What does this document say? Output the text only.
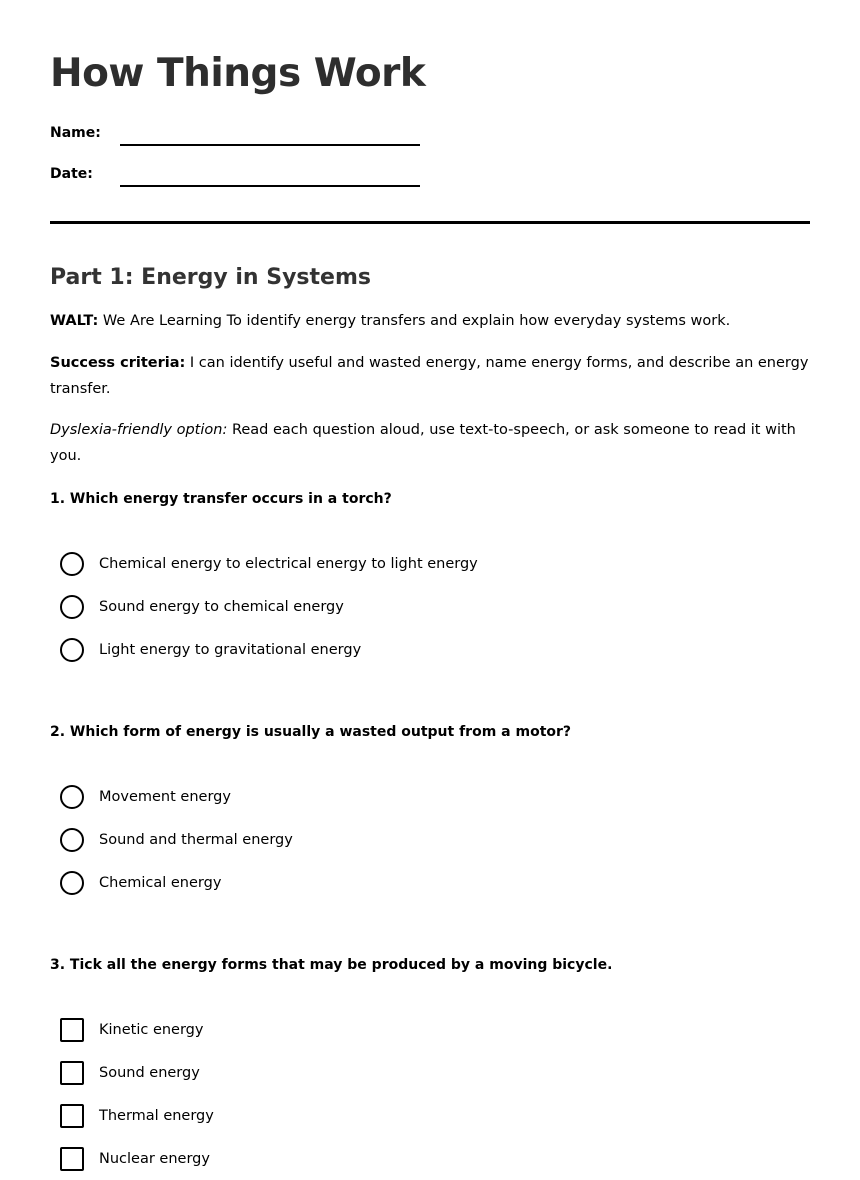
How Things Work
Name:
Date:
Part 1: Energy in Systems

WALT: We Are Learning To identify energy transfers and explain how everyday systems work.

Success criteria: I can identify useful and wasted energy, name energy forms, and describe an energy transfer.

Dyslexia-friendly option: Read each question aloud, use text-to-speech, or ask someone to read it with you.

1. Which energy transfer occurs in a torch?

Chemical energy to electrical energy to light energy
Sound energy to chemical energy
Light energy to gravitational energy

2. Which form of energy is usually a wasted output from a motor?

Movement energy
Sound and thermal energy
Chemical energy

3. Tick all the energy forms that may be produced by a moving bicycle.

Kinetic energy
Sound energy
Thermal energy
Nuclear energy
